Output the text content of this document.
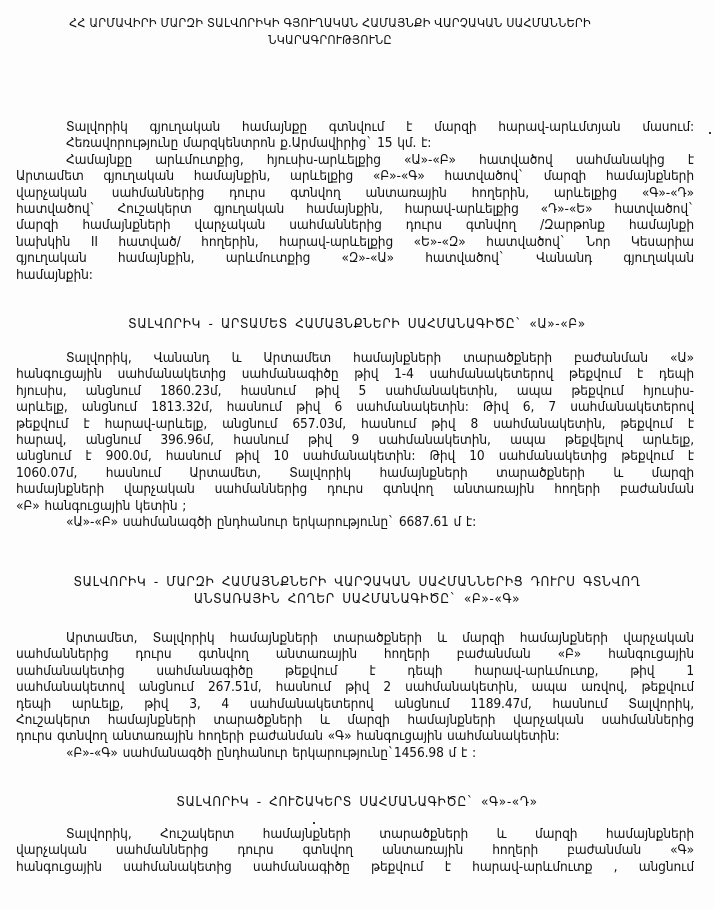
ՀՀ ԱՐՄԱՎԻՐԻ ՄԱՐԶԻ ՏԱԼՎՈՐԻԿԻ ԳՅՈՒՂԱԿԱՆ ՀԱՄԱՅՆՔԻ ՎԱՐՉԱԿԱՆ ՍԱՀՄԱՆՆԵՐԻ
ՆԿԱՐԱԳՐՈՒԹՅՈՒՆԸ
Տալվորիկ գյուղական համայնքը գտնվում է մարզի հարավ-արևմտյան մասում:
Հեռավորությունը մարզկենտրոն ք.Արմավիրից` 15 կմ. է:
Համայնքը արևմուտքից, հյուսիս-արևելքից «Ա»-«Բ» հատվածով սահմանակից է
Արտամետ գյուղական համայնքին, արևելքից «Բ»-«Գ» հատվածով` մարզի համայնքների
վարչական սահմաններից դուրս գտնվող անտառային հողերին, արևելքից «Գ»-«Դ»
հատվածով` Հուշակերտ գյուղական համայնքին, հարավ-արևելքից «Դ»-«Ե» հատվածով`
մարզի համայնքների վարչական սահմաններից դուրս գտնվող /Զարթոնք համայնքի
նախկին II հատված/ հողերին, հարավ-արևելքից «Ե»-«Զ» հատվածով` Նոր Կեսարիա
գյուղական համայնքին, արևմուտքից «Զ»-«Ա» հատվածով` Վանանդ գյուղական
համայնքին:
ՏԱԼՎՈՐԻԿ - ԱՐՏԱՄԵՏ ՀԱՄԱՅՆՔՆԵՐԻ ՍԱՀՄԱՆԱԳԻԾԸ` «Ա»-«Բ»
Տալվորիկ, Վանանդ և Արտամետ համայնքների տարածքների բաժանման «Ա»
հանգուցային սահմանակետից սահմանագիծը թիվ 1-4 սահմանակետերով թեքվում է դեպի
հյուսիս, անցնում 1860.23մ, հասնում թիվ 5 սահմանակետին, ապա թեքվում հյուսիս-
արևելք, անցնում 1813.32մ, հասնում թիվ 6 սահմանակետին: Թիվ 6, 7 սահմանակետերով
թեքվում է հարավ-արևելք, անցնում 657.03մ, հասնում թիվ 8 սահմանակետին, թեքվում է
հարավ, անցնում 396.96մ, հասնում թիվ 9 սահմանակետին, ապա թեքվելով արևելք,
անցնում է 900.0մ, հասնում թիվ 10 սահմանակետին: Թիվ 10 սահմանակետից թեքվում է
1060.07մ, հասնում Արտամետ, Տալվորիկ համայնքների տարածքների և մարզի
համայնքների վարչական սահմաններից դուրս գտնվող անտառային հողերի բաժանման
«Բ» հանգուցային կետին ;
«Ա»-«Բ» սահմանագծի ընդհանուր երկարությունը` 6687.61 մ է:
ՏԱԼՎՈՐԻԿ - ՄԱՐԶԻ ՀԱՄԱՅՆՔՆԵՐԻ ՎԱՐՉԱԿԱՆ ՍԱՀՄԱՆՆԵՐԻՑ ԴՈՒՐՍ ԳՏՆՎՈՂ
ԱՆՏԱՌԱՅԻՆ ՀՈՂԵՐ ՍԱՀՄԱՆԱԳԻԾԸ` «Բ»-«Գ»
Արտամետ, Տալվորիկ համայնքների տարածքների և մարզի համայնքների վարչական
սահմաններից դուրս գտնվող անտառային հողերի բաժանման «Բ» հանգուցային
սահմանակետից սահմանագիծը թեքվում է դեպի հարավ-արևմուտք, թիվ 1
սահմանակետով անցնում 267.51մ, հասնում թիվ 2 սահմանակետին, ապա առվով, թեքվում
դեպի արևելք, թիվ 3, 4 սահմանակետերով անցնում 1189.47մ, հասնում Տալվորիկ,
Հուշակերտ համայնքների տարածքների և մարզի համայնքների վարչական սահմաններից
դուրս գտնվող անտառային հողերի բաժանման «Գ» հանգուցային սահմանակետին:
«Բ»-«Գ» սահմանագծի ընդհանուր երկարությունը`1456.98 մ է :
ՏԱԼՎՈՐԻԿ - ՀՈՒՇԱԿԵՐՏ ՍԱՀՄԱՆԱԳԻԾԸ` «Գ»-«Դ»
Տալվորիկ, Հուշակերտ համայնքների տարածքների և մարզի համայնքների
վարչական սահմաններից դուրս գտնվող անտառային հողերի բաժանման «Գ»
հանգուցային սահմանակետից սահմանագիծը թեքվում է հարավ-արևմուտք , անցնում
